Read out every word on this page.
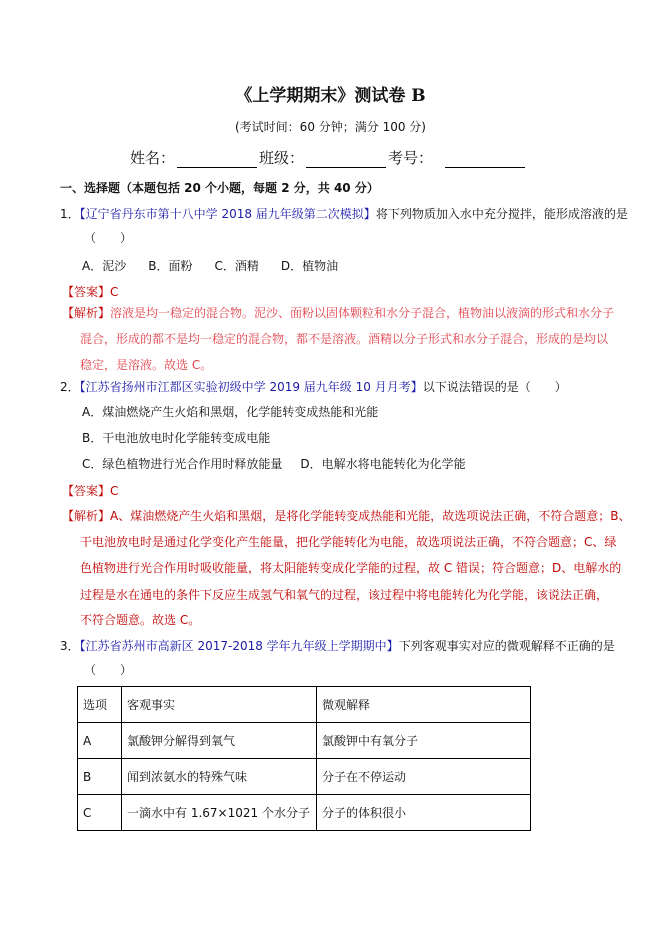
《上学期期末》测试卷 B
(考试时间：60 分钟；满分 100 分)
姓名：	班级：	考号：
一、选择题（本题包括 20 个小题，每题 2 分，共 40 分）
1．【辽宁省丹东市第十八中学 2018 届九年级第二次模拟】将下列物质加入水中充分搅拌，能形成溶液的是
（　　）
A．泥沙 B．面粉 C．酒精 D．植物油
【答案】C
【解析】溶液是均一稳定的混合物。泥沙、面粉以固体颗粒和水分子混合，植物油以液滴的形式和水分子
混合，形成的都不是均一稳定的混合物，都不是溶液。酒精以分子形式和水分子混合，形成的是均以
稳定，是溶液。故选 C。
2．【江苏省扬州市江都区实验初级中学 2019 届九年级 10 月月考】以下说法错误的是（　　）
A．煤油燃烧产生火焰和黑烟，化学能转变成热能和光能
B．干电池放电时化学能转变成电能
C．绿色植物进行光合作用时释放能量 D．电解水将电能转化为化学能
【答案】C
【解析】A、煤油燃烧产生火焰和黑烟，是将化学能转变成热能和光能，故选项说法正确，不符合题意；B、
干电池放电时是通过化学变化产生能量，把化学能转化为电能，故选项说法正确，不符合题意；C、绿
色植物进行光合作用时吸收能量，将太阳能转变成化学能的过程，故 C 错误；符合题意；D、电解水的
过程是水在通电的条件下反应生成氢气和氧气的过程，该过程中将电能转化为化学能，该说法正确，
不符合题意。故选 C。
3．【江苏省苏州市高新区 2017-2018 学年九年级上学期期中】下列客观事实对应的微观解释不正确的是
（　　）
选项	客观事实	微观解释
A	氯酸钾分解得到氧气	氯酸钾中有氧分子
B	闻到浓氨水的特殊气味	分子在不停运动
C	一滴水中有 1.67×1021 个水分子	分子的体积很小
